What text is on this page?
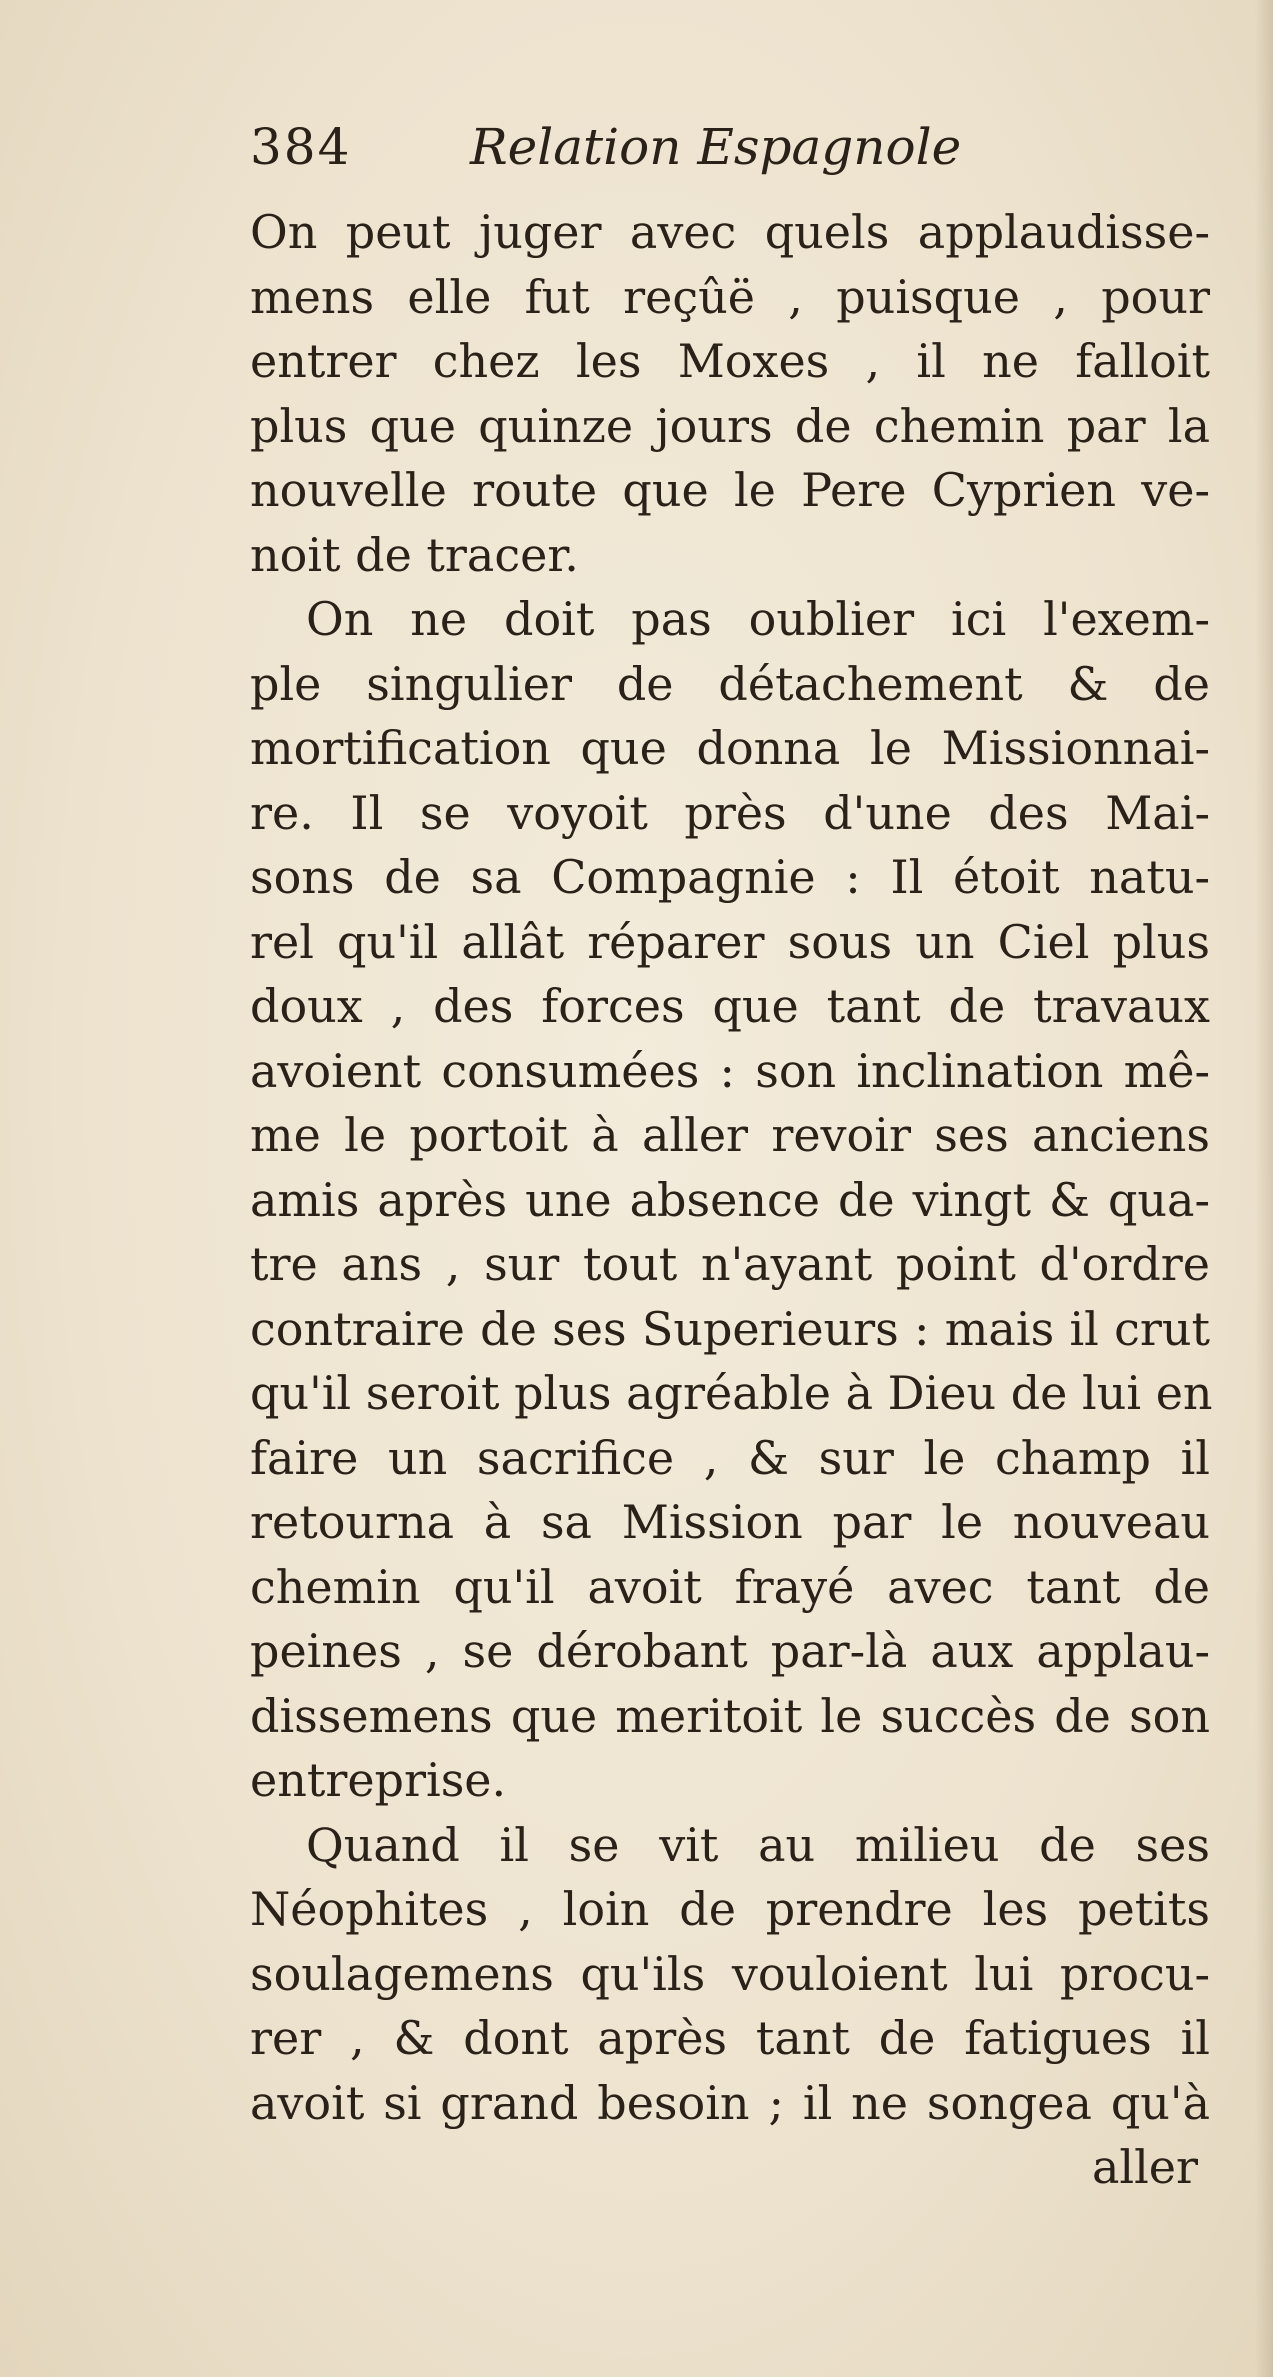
384 Relation Espagnole
On peut juger avec quels applaudisse-
mens elle fut reçûë , puisque , pour
entrer chez les Moxes , il ne falloit
plus que quinze jours de chemin par la
nouvelle route que le Pere Cyprien ve-
noit de tracer.
On ne doit pas oublier ici l'exem-
ple singulier de détachement & de
mortification que donna le Missionnai-
re. Il se voyoit près d'une des Mai-
sons de sa Compagnie : Il étoit natu-
rel qu'il allât réparer sous un Ciel plus
doux , des forces que tant de travaux
avoient consumées : son inclination mê-
me le portoit à aller revoir ses anciens
amis après une absence de vingt & qua-
tre ans , sur tout n'ayant point d'ordre
contraire de ses Superieurs : mais il crut
qu'il seroit plus agréable à Dieu de lui en
faire un sacrifice , & sur le champ il
retourna à sa Mission par le nouveau
chemin qu'il avoit frayé avec tant de
peines , se dérobant par-là aux applau-
dissemens que meritoit le succès de son
entreprise.
Quand il se vit au milieu de ses
Néophites , loin de prendre les petits
soulagemens qu'ils vouloient lui procu-
rer , & dont après tant de fatigues il
avoit si grand besoin ; il ne songea qu'à
aller
